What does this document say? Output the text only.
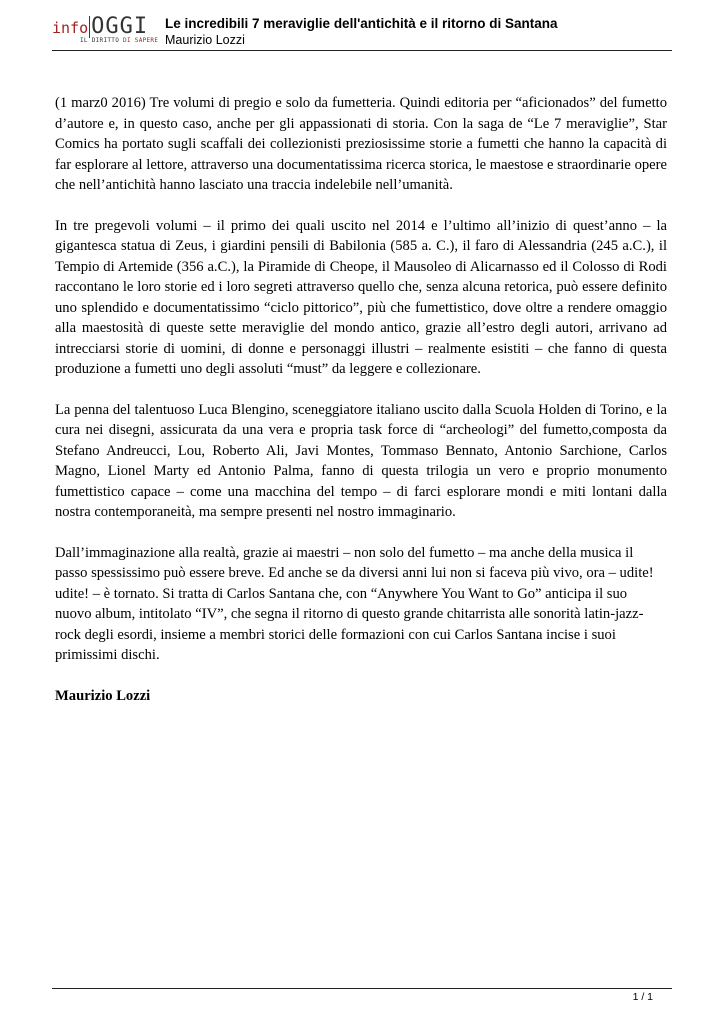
info OGGI
IL DIRITTO DI SAPERE
Le incredibili 7 meraviglie dell'antichità e il ritorno di Santana
Maurizio Lozzi

(1 marz0 2016) Tre volumi di pregio e solo da fumetteria. Quindi editoria per “aficionados” del fumetto d’autore e, in questo caso, anche per gli appassionati di storia. Con la saga de “Le 7 meraviglie”, Star Comics ha portato sugli scaffali dei collezionisti preziosissime storie a fumetti che hanno la capacità di far esplorare al lettore, attraverso una documentatissima ricerca storica, le maestose e straordinarie opere che nell’antichità hanno lasciato una traccia indelebile nell’umanità.

In tre pregevoli volumi – il primo dei quali uscito nel 2014 e l’ultimo all’inizio di quest’anno – la gigantesca statua di Zeus, i giardini pensili di Babilonia (585 a. C.), il faro di Alessandria (245 a.C.), il Tempio di Artemide (356 a.C.), la Piramide di Cheope, il Mausoleo di Alicarnasso ed il Colosso di Rodi raccontano le loro storie ed i loro segreti attraverso quello che, senza alcuna retorica, può essere definito uno splendido e documentatissimo “ciclo pittorico”, più che fumettistico, dove oltre a rendere omaggio alla maestosità di queste sette meraviglie del mondo antico, grazie all’estro degli autori, arrivano ad intrecciarsi storie di uomini, di donne e personaggi illustri – realmente esistiti – che fanno di questa produzione a fumetti uno degli assoluti “must” da leggere e collezionare.

La penna del talentuoso Luca Blengino, sceneggiatore italiano uscito dalla Scuola Holden di Torino, e la cura nei disegni, assicurata da una vera e propria task force di “archeologi” del fumetto,composta da Stefano Andreucci, Lou, Roberto Ali, Javi Montes, Tommaso Bennato, Antonio Sarchione, Carlos Magno, Lionel Marty ed Antonio Palma, fanno di questa trilogia un vero e proprio monumento fumettistico capace – come una macchina del tempo – di farci esplorare mondi e miti lontani dalla nostra contemporaneità, ma sempre presenti nel nostro immaginario.

Dall’immaginazione alla realtà, grazie ai maestri – non solo del fumetto – ma anche della musica il passo spessissimo può essere breve. Ed anche se da diversi anni lui non si faceva più vivo, ora – udite! udite! – è tornato. Si tratta di Carlos Santana che, con “Anywhere You Want to Go” anticipa il suo nuovo album, intitolato “IV”, che segna il ritorno di questo grande chitarrista alle sonorità latin-jazz-rock degli esordi, insieme a membri storici delle formazioni con cui Carlos Santana incise i suoi primissimi dischi.

Maurizio Lozzi

1 / 1
